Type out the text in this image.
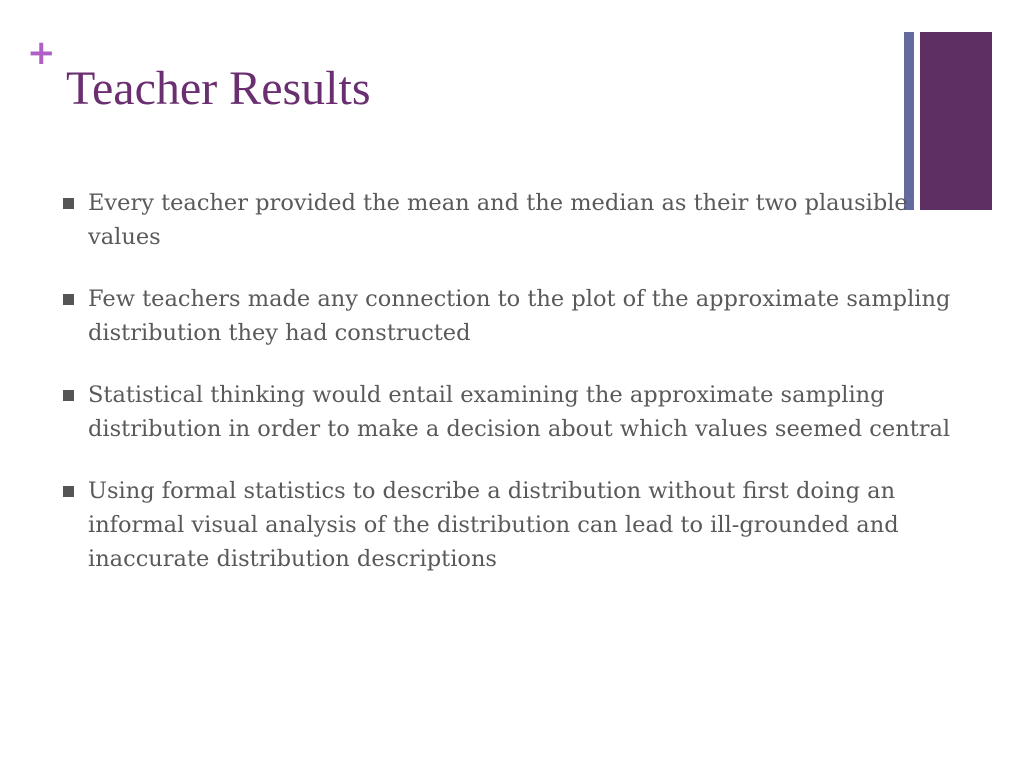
+
Teacher Results
Every teacher provided the mean and the median as their two plausible values
Few teachers made any connection to the plot of the approximate sampling distribution they had constructed
Statistical thinking would entail examining the approximate sampling distribution in order to make a decision about which values seemed central
Using formal statistics to describe a distribution without first doing an informal visual analysis of the distribution can lead to ill-grounded and inaccurate distribution descriptions
